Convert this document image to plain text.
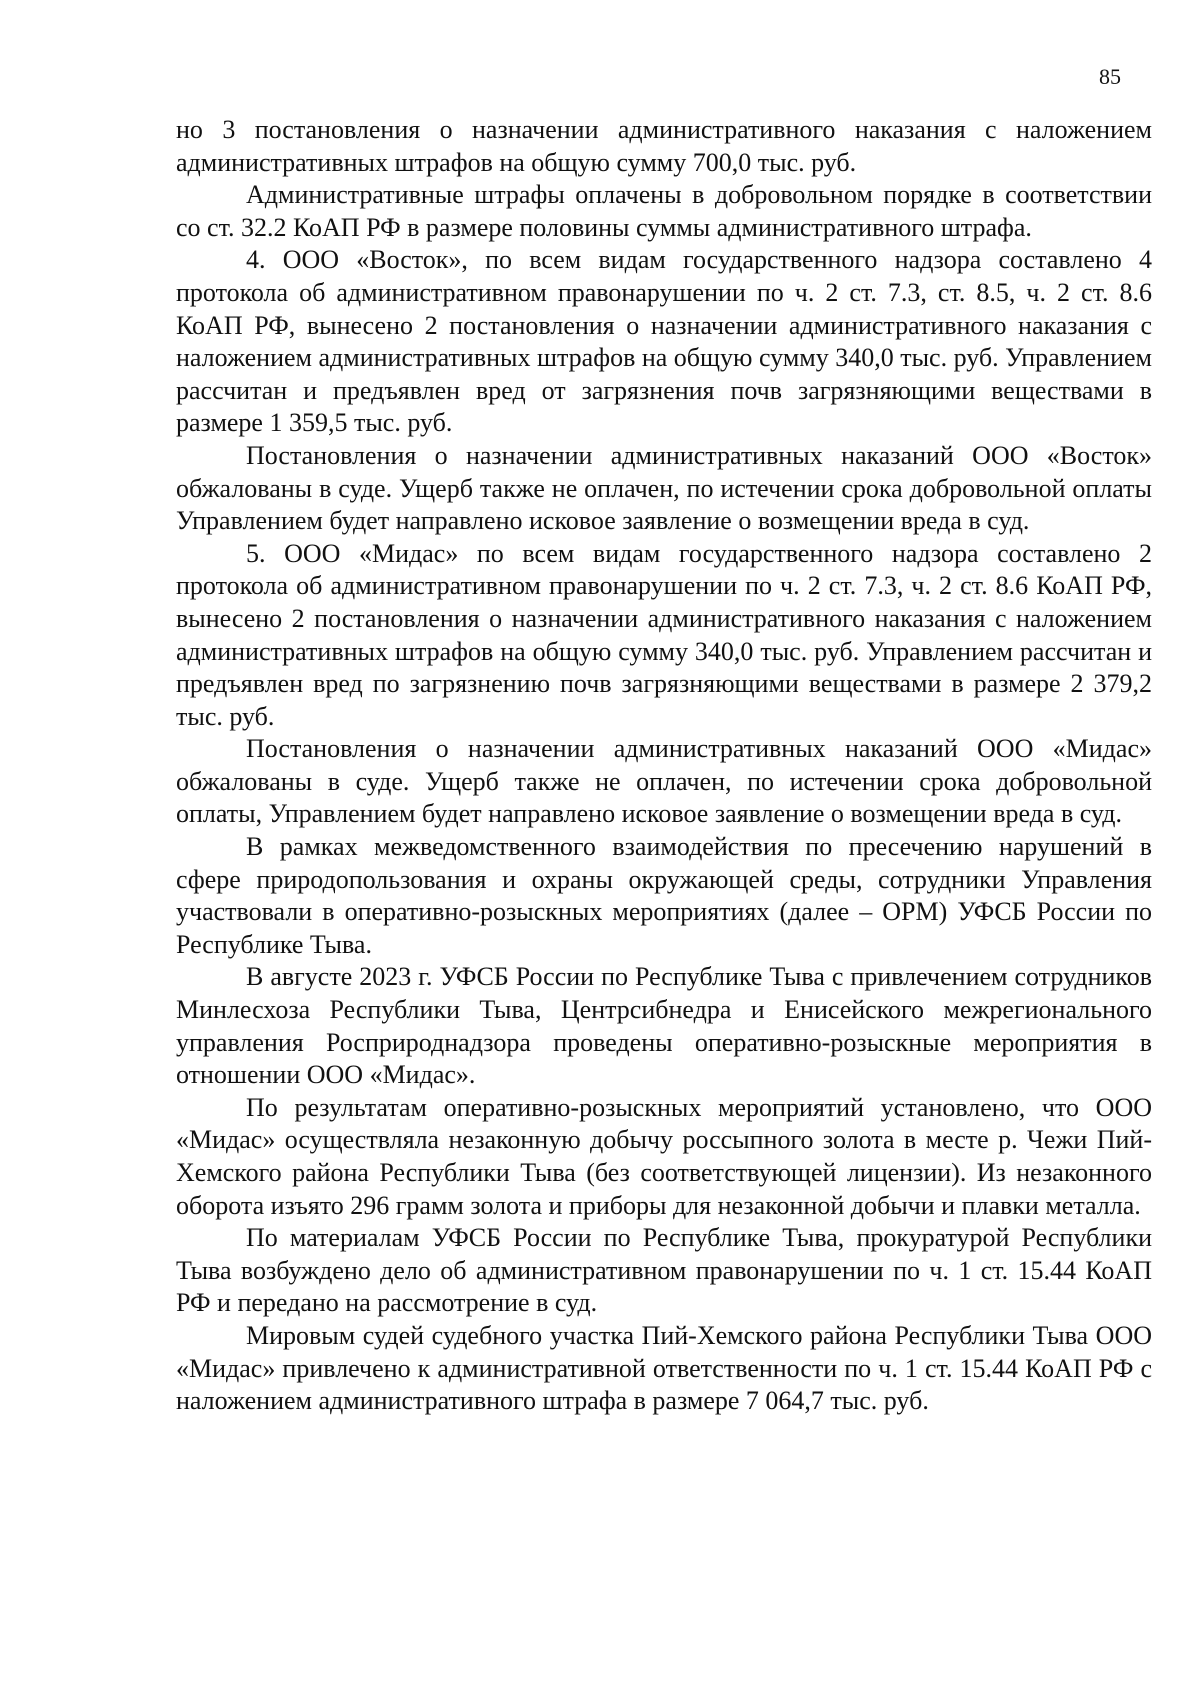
85

но 3 постановления о назначении административного наказания с наложением административных штрафов на общую сумму 700,0 тыс. руб.

Административные штрафы оплачены в добровольном порядке в соответствии со ст. 32.2 КоАП РФ в размере половины суммы административного штрафа.

4. ООО «Восток», по всем видам государственного надзора составлено 4 протокола об административном правонарушении по ч. 2 ст. 7.3, ст. 8.5, ч. 2 ст. 8.6 КоАП РФ, вынесено 2 постановления о назначении административного наказания с наложением административных штрафов на общую сумму 340,0 тыс. руб. Управлением рассчитан и предъявлен вред от загрязнения почв загрязняющими веществами в размере 1 359,5 тыс. руб.

Постановления о назначении административных наказаний ООО «Восток» обжалованы в суде. Ущерб также не оплачен, по истечении срока добровольной оплаты Управлением будет направлено исковое заявление о возмещении вреда в суд.

5. ООО «Мидас» по всем видам государственного надзора составлено 2 протокола об административном правонарушении по ч. 2 ст. 7.3, ч. 2 ст. 8.6 КоАП РФ, вынесено 2 постановления о назначении административного наказания с наложением административных штрафов на общую сумму 340,0 тыс. руб. Управлением рассчитан и предъявлен вред по загрязнению почв загрязняющими веществами в размере 2 379,2 тыс. руб.

Постановления о назначении административных наказаний ООО «Мидас» обжалованы в суде. Ущерб также не оплачен, по истечении срока добровольной оплаты, Управлением будет направлено исковое заявление о возмещении вреда в суд.

В рамках межведомственного взаимодействия по пресечению нарушений в сфере природопользования и охраны окружающей среды, сотрудники Управления участвовали в оперативно-розыскных мероприятиях (далее – ОРМ) УФСБ России по Республике Тыва.

В августе 2023 г. УФСБ России по Республике Тыва с привлечением сотрудников Минлесхоза Республики Тыва, Центрсибнедра и Енисейского межрегионального управления Росприроднадзора проведены оперативно-розыскные мероприятия в отношении ООО «Мидас».

По результатам оперативно-розыскных мероприятий установлено, что ООО «Мидас» осуществляла незаконную добычу россыпного золота в месте р. Чежи Пий-Хемского района Республики Тыва (без соответствующей лицензии). Из незаконного оборота изъято 296 грамм золота и приборы для незаконной добычи и плавки металла.

По материалам УФСБ России по Республике Тыва, прокуратурой Республики Тыва возбуждено дело об административном правонарушении по ч. 1 ст. 15.44 КоАП РФ и передано на рассмотрение в суд.

Мировым судей судебного участка Пий-Хемского района Республики Тыва ООО «Мидас» привлечено к административной ответственности по ч. 1 ст. 15.44 КоАП РФ с наложением административного штрафа в размере 7 064,7 тыс. руб.
